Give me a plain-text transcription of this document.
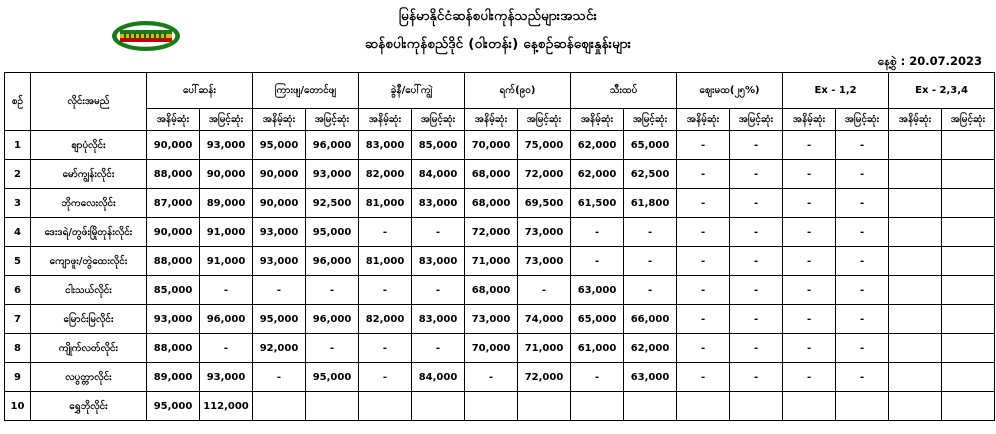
မြန်မာနိုင်ငံဆန်စပါးကုန်သည်များအသင်း
ဆန်စပါးကုန်စည်ဒိုင် (ဝါးတန်း) နေ့စဉ်ဆန်ဈေးနှုန်းများ
နေ့စွဲ : 20.07.2023
စဉ်	လိုင်းအမည်	ပေါ်ဆန်း		ကြားဖျ/တောင်ဖျ		ခွဲနီ/ပေါ်ကျွဲ		ရက်(၉၀)		သီးထပ်		ဈေးမထ(၂၅%)		Ex - 1,2		Ex - 2,3,4	
		အနိမ့်ဆုံး	အမြင့်ဆုံး	အနိမ့်ဆုံး	အမြင့်ဆုံး	အနိမ့်ဆုံး	အမြင့်ဆုံး	အနိမ့်ဆုံး	အမြင့်ဆုံး	အနိမ့်ဆုံး	အမြင့်ဆုံး	အနိမ့်ဆုံး	အမြင့်ဆုံး	အနိမ့်ဆုံး	အမြင့်ဆုံး	အနိမ့်ဆုံး	အမြင့်ဆုံး
1	ဈာပုံလိုင်း	90,000	93,000	95,000	96,000	83,000	85,000	70,000	75,000	62,000	65,000	-	-	-	-		
2	မော်ကျွန်းလိုင်း	88,000	90,000	90,000	93,000	82,000	84,000	68,000	72,000	62,000	62,500	-	-	-	-		
3	ဘိုကလေးလိုင်း	87,000	89,000	90,000	92,500	81,000	83,000	68,000	69,500	61,500	61,800	-	-	-	-		
4	ဒေးဒရဲ/တွဖ်းမြိုတုန်းလိုင်း	90,000	91,000	93,000	95,000	-	-	72,000	73,000	-	-	-	-	-	-		
5	ကျောဖူး/တွဲထေးလိုင်း	88,000	91,000	93,000	96,000	81,000	83,000	71,000	73,000	-	-	-	-	-	-		
6	ငါးသယ်လိုင်း	85,000	-	-	-	-	-	68,000	-	63,000	-	-	-	-	-		
7	မြောင်းမြလိုင်း	93,000	96,000	95,000	96,000	82,000	83,000	73,000	74,000	65,000	66,000	-	-	-	-		
8	ကျိုက်လတ်လိုင်း	88,000	-	92,000	-	-	-	70,000	71,000	61,000	62,000	-	-	-	-		
9	လပွတ္တာလိုင်း	89,000	93,000	-	95,000	-	84,000	-	72,000	-	63,000	-	-	-	-		
10	ရွှေဘိုလိုင်း	95,000	112,000														
